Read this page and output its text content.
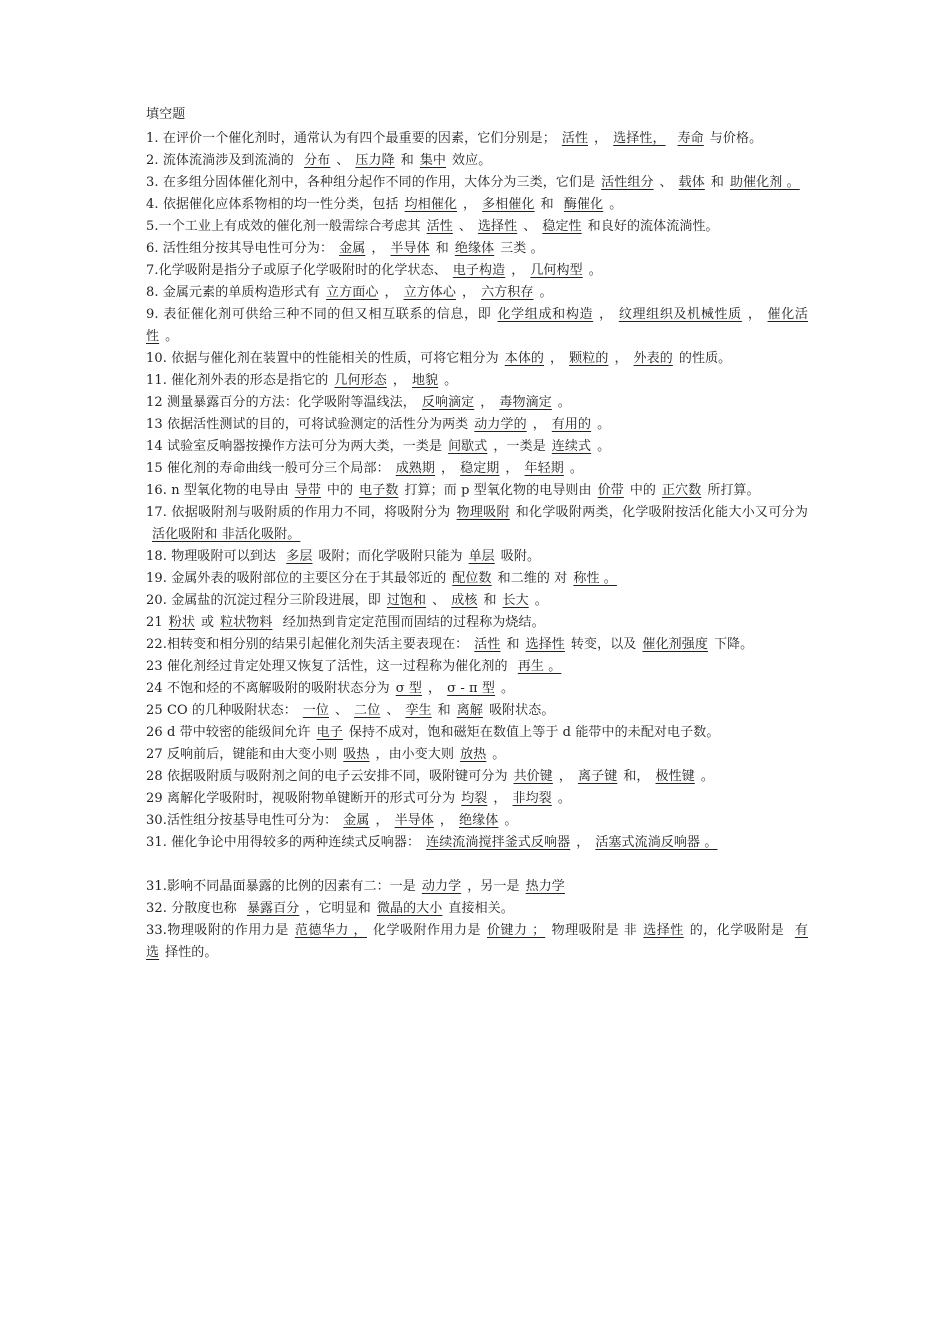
填空题

1. 在评价一个催化剂时，通常认为有四个最重要的因素，它们分别是； 活性 ， 选择性， 寿命 与价格。

2. 流体流淌涉及到流淌的 分布 、 压力降 和 集中 效应。

3. 在多组分固体催化剂中，各种组分起作不同的作用，大体分为三类，它们是 活性组分 、 载体 和 助催化剂 。

4. 依据催化应体系物相的均一性分类，包括 均相催化 ， 多相催化 和 酶催化 。

5.一个工业上有成效的催化剂一般需综合考虑其 活性 、 选择性 、 稳定性 和良好的流体流淌性。

6. 活性组分按其导电性可分为： 金属 ， 半导体 和 绝缘体 三类 。

7.化学吸附是指分子或原子化学吸附时的化学状态、 电子构造 ， 几何构型 。

8. 金属元素的单质构造形式有 立方面心 ， 立方体心 ， 六方积存 。

9. 表征催化剂可供给三种不同的但又相互联系的信息，即 化学组成和构造 ， 纹理组织及机械性质 ， 催化活性 。

10. 依据与催化剂在装置中的性能相关的性质，可将它粗分为 本体的 ， 颗粒的 ， 外表的 的性质。

11. 催化剂外表的形态是指它的 几何形态 ， 地貌 。

12 测量暴露百分的方法：化学吸附等温线法， 反响滴定 ， 毒物滴定 。

13 依据活性测试的目的，可将试验测定的活性分为两类 动力学的 ， 有用的 。

14 试验室反响器按操作方法可分为两大类，一类是 间歇式 ，一类是 连续式 。

15 催化剂的寿命曲线一般可分三个局部： 成熟期 ， 稳定期 ， 年轻期 。

16. n 型氧化物的电导由 导带 中的 电子数 打算；而 p 型氧化物的电导则由 价带 中的 正穴数 所打算。

17. 依据吸附剂与吸附质的作用力不同，将吸附分为 物理吸附 和化学吸附两类，化学吸附按活化能大小又可分为 活化吸附和 非活化吸附。

18. 物理吸附可以到达 多层 吸附；而化学吸附只能为 单层 吸附。

19. 金属外表的吸附部位的主要区分在于其最邻近的 配位数 和二维的 对 称性 。

20. 金属盐的沉淀过程分三阶段进展，即 过饱和 、 成核 和 长大 。

21 粉状 或 粒状物料 经加热到肯定定范围而固结的过程称为烧结。

22.相转变和相分别的结果引起催化剂失活主要表现在： 活性 和 选择性 转变，以及 催化剂强度 下降。

23 催化剂经过肯定处理又恢复了活性，这一过程称为催化剂的 再生 。

24 不饱和烃的不离解吸附的吸附状态分为 σ 型 ， σ - π 型 。

25 CO 的几种吸附状态： 一位 、 二位 、 孪生 和 离解 吸附状态。

26 d 带中较密的能级间允许 电子 保持不成对，饱和磁矩在数值上等于 d 能带中的未配对电子数。

27 反响前后，键能和由大变小则 吸热 ，由小变大则 放热 。

28 依据吸附质与吸附剂之间的电子云安排不同，吸附键可分为 共价键 ， 离子键 和， 极性键 。

29 离解化学吸附时，视吸附物单键断开的形式可分为 均裂 ， 非均裂 。

30.活性组分按基导电性可分为： 金属 ， 半导体 ， 绝缘体 。

31. 催化争论中用得较多的两种连续式反响器： 连续流淌搅拌釜式反响器 ， 活塞式流淌反响器 。

31.影响不同晶面暴露的比例的因素有二：一是 动力学 ，另一是 热力学

32. 分散度也称 暴露百分 ，它明显和 微晶的大小 直接相关。

33.物理吸附的作用力是 范德华力 ， 化学吸附作用力是 价键力 ； 物理吸附是 非 选择性 的，化学吸附是 有选 择性的。
